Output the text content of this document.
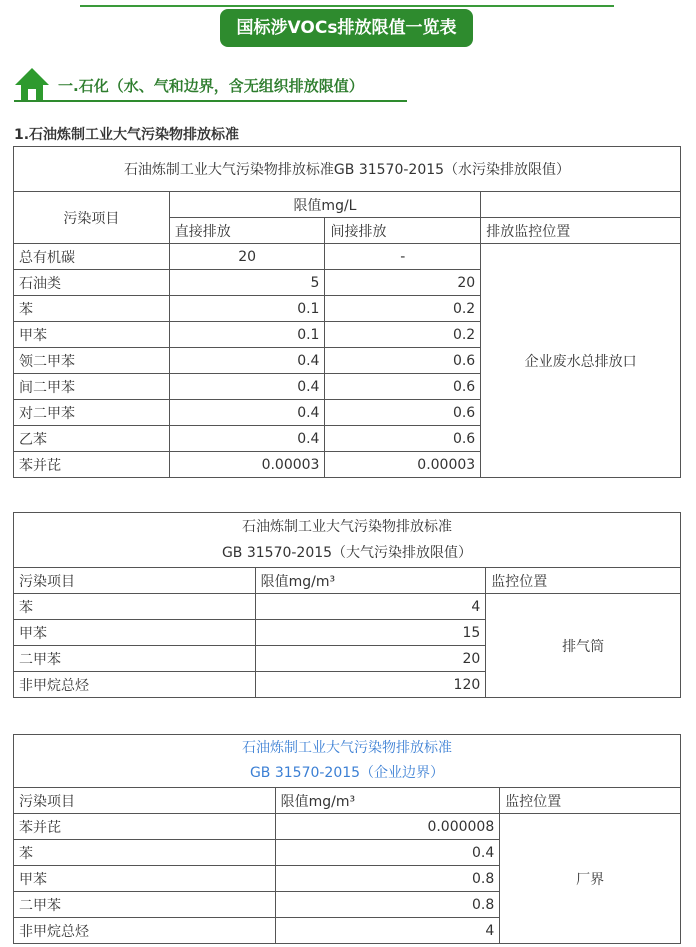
国标涉VOCs排放限值一览表
一.石化（水、气和边界，含无组织排放限值）
1.石油炼制工业大气污染物排放标准
石油炼制工业大气污染物排放标准GB 31570-2015（水污染排放限值）			
污染项目	限值mg/L		
	直接排放	间接排放	排放监控位置
总有机碳	20	-	企业废水总排放口
石油类	5	20	
苯	0.1	0.2	
甲苯	0.1	0.2	
领二甲苯	0.4	0.6	
间二甲苯	0.4	0.6	
对二甲苯	0.4	0.6	
乙苯	0.4	0.6	
苯并芘	0.00003	0.00003	
石油炼制工业大气污染物排放标准
GB 31570-2015（大气污染排放限值）		

污染项目	限值mg/m³	监控位置
苯	4	排气筒
甲苯	15	
二甲苯	20	
非甲烷总烃	120	
石油炼制工业大气污染物排放标准
GB 31570-2015（企业边界）		

污染项目	限值mg/m³	监控位置
苯并芘	0.000008	厂界
苯	0.4	
甲苯	0.8	
二甲苯	0.8	
非甲烷总烃	4	
